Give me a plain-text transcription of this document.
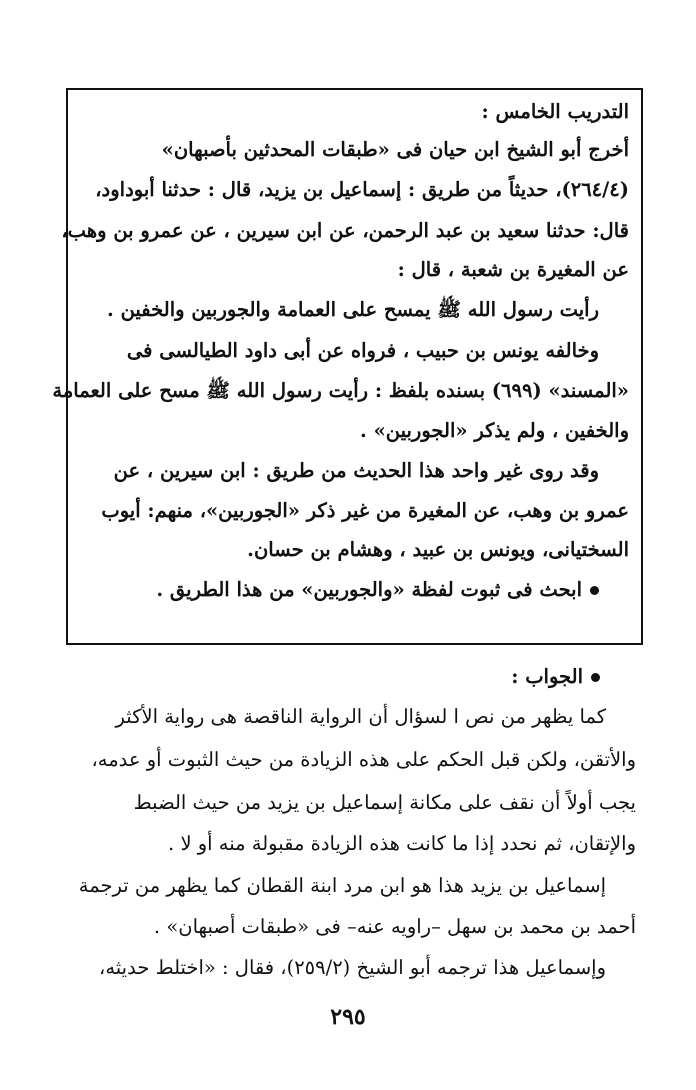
التدريب الخامس :
أخرج أبو الشيخ ابن حيان فى «طبقات المحدثين بأصبهان»
(٢٦٤/٤)، حديثاً من طريق : إسماعيل بن يزيد، قال : حدثنا أبوداود،
قال: حدثنا سعيد بن عبد الرحمن، عن ابن سيرين ، عن عمرو بن وهب،
عن المغيرة بن شعبة ، قال :
رأيت رسول الله ﷺ يمسح على العمامة والجوربين والخفين .
وخالفه يونس بن حبيب ، فرواه عن أبى داود الطيالسى فى
«المسند» (٦٩٩) بسنده بلفظ : رأيت رسول الله ﷺ مسح على العمامة
والخفين ، ولم يذكر «الجوربين» .
وقد روى غير واحد هذا الحديث من طريق : ابن سيرين ، عن
عمرو بن وهب، عن المغيرة من غير ذكر «الجوربين»، منهم: أيوب
السختيانى، ويونس بن عبيد ، وهشام بن حسان.
ابحث فى ثبوت لفظة «والجوربين» من هذا الطريق .
الجواب :
كما يظهر من نص ا لسؤال أن الرواية الناقصة هى رواية الأكثر
والأتقن، ولكن قبل الحكم على هذه الزيادة من حيث الثبوت أو عدمه،
يجب أولاً أن نقف على مكانة إسماعيل بن يزيد من حيث الضبط
والإتقان، ثم نحدد إذا ما كانت هذه الزيادة مقبولة منه أو لا .
إسماعيل بن يزيد هذا هو ابن مرد ابنة القطان كما يظهر من ترجمة
أحمد بن محمد بن سهل –راويه عنه– فى «طبقات أصبهان» .
وإسماعيل هذا ترجمه أبو الشيخ (٢٥٩/٢)، فقال : «اختلط حديثه،
٢٩٥
